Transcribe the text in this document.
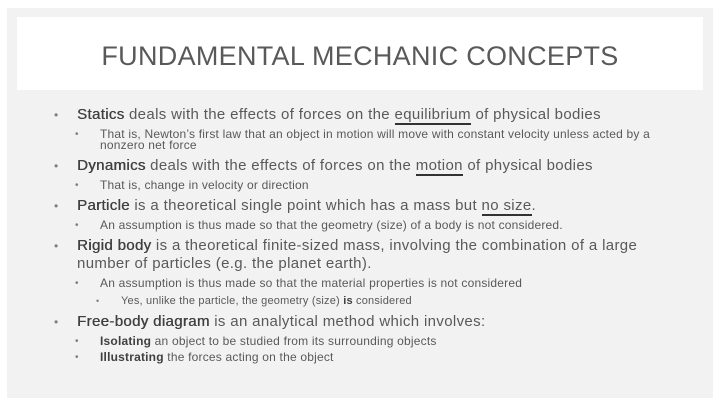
FUNDAMENTAL MECHANIC CONCEPTS
• Statics deals with the effects of forces on the equilibrium of physical bodies
• That is, Newton’s first law that an object in motion will move with constant velocity unless acted by a nonzero net force
• Dynamics deals with the effects of forces on the motion of physical bodies
• That is, change in velocity or direction
• Particle is a theoretical single point which has a mass but no size.
• An assumption is thus made so that the geometry (size) of a body is not considered.
• Rigid body is a theoretical finite-sized mass, involving the combination of a large number of particles (e.g. the planet earth).
• An assumption is thus made so that the material properties is not considered
• Yes, unlike the particle, the geometry (size) is considered
• Free-body diagram is an analytical method which involves:
• Isolating an object to be studied from its surrounding objects
• Illustrating the forces acting on the object
